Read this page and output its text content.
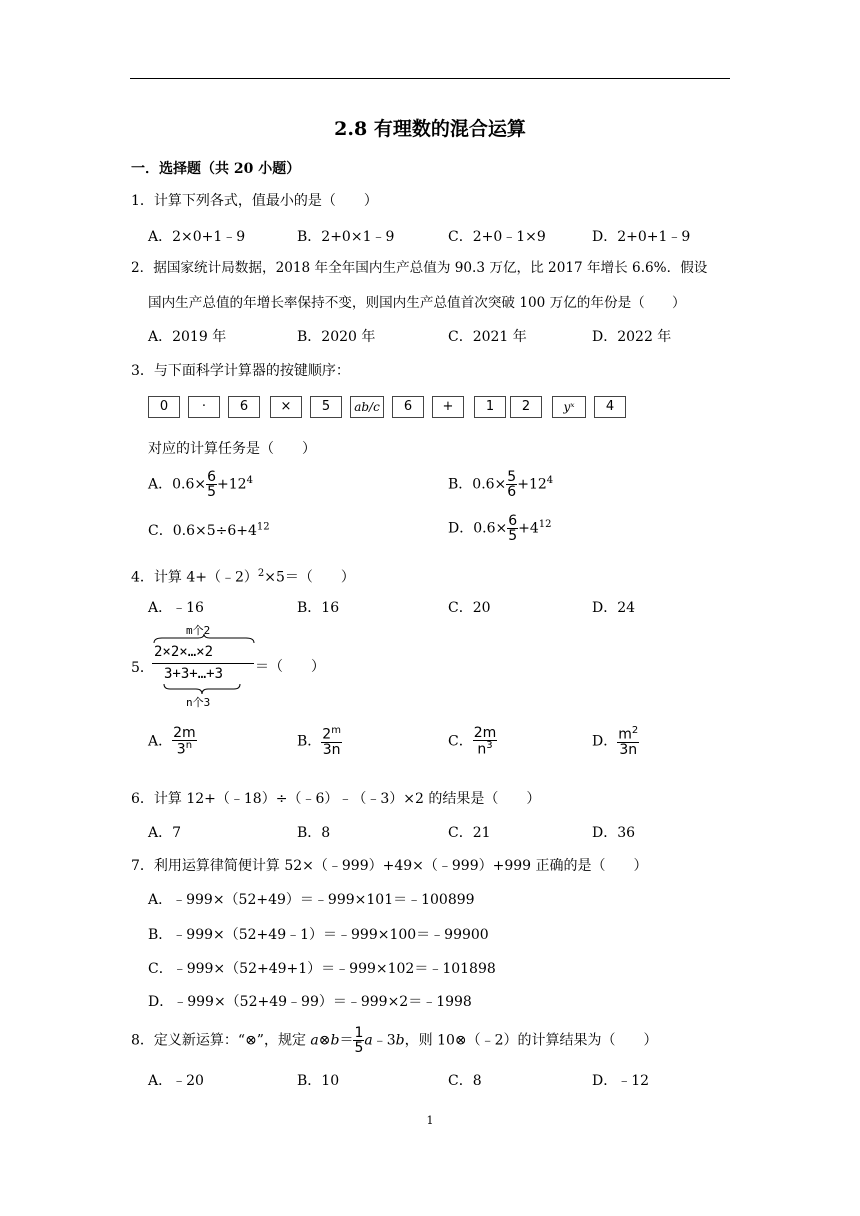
2.8 有理数的混合运算
一．选择题（共 20 小题）
1．计算下列各式，值最小的是（　　）
A．2×0+1﹣9	B．2+0×1﹣9	C．2+0﹣1×9	D．2+0+1﹣9
2．据国家统计局数据，2018 年全年国内生产总值为 90.3 万亿，比 2017 年增长 6.6%．假设
国内生产总值的年增长率保持不变，则国内生产总值首次突破 100 万亿的年份是（　　）
A．2019 年	B．2020 年	C．2021 年	D．2022 年
3．与下面科学计算器的按键顺序：
0	·	6	×	5	ab/c	6	+	1	2	yˣ	4
对应的计算任务是（　　）
A．$0.6\times \frac{6}{5} +12^4$	B．$0.6\times \frac{5}{6} +12^4$
C．$0.6\times 5\div 6+4^{12}$	D．$0.6\times \frac{6}{5} +4^{12}$
4．计算 4+（﹣2）$^2$×5＝（　　）
A．﹣16	B．16	C．20	D．24
5．
m个2
2×2×…×2
3+3+…+3
n个3
＝（　　）
A． $\frac{2m}{3^n}$	B． $\frac{2^m}{3n}$	C． $\frac{2m}{n^3}$	D． $\frac{m^2}{3n}$
6．计算 12+（﹣18）÷（﹣6）﹣（﹣3）×2 的结果是（　　）
A．7	B．8	C．21	D．36
7．利用运算律简便计算 52×（﹣999）+49×（﹣999）+999 正确的是（　　）
A．﹣999×（52+49）＝﹣999×101＝﹣100899
B．﹣999×（52+49﹣1）＝﹣999×100＝﹣99900
C．﹣999×（52+49+1）＝﹣999×102＝﹣101898
D．﹣999×（52+49﹣99）＝﹣999×2＝﹣1998
8．定义新运算：“⊗”，规定 a⊗b＝ $\frac{1}{5}$ a﹣3b，则 10⊗（﹣2）的计算结果为（　　）
A．﹣20	B．10	C．8	D．﹣12
1
